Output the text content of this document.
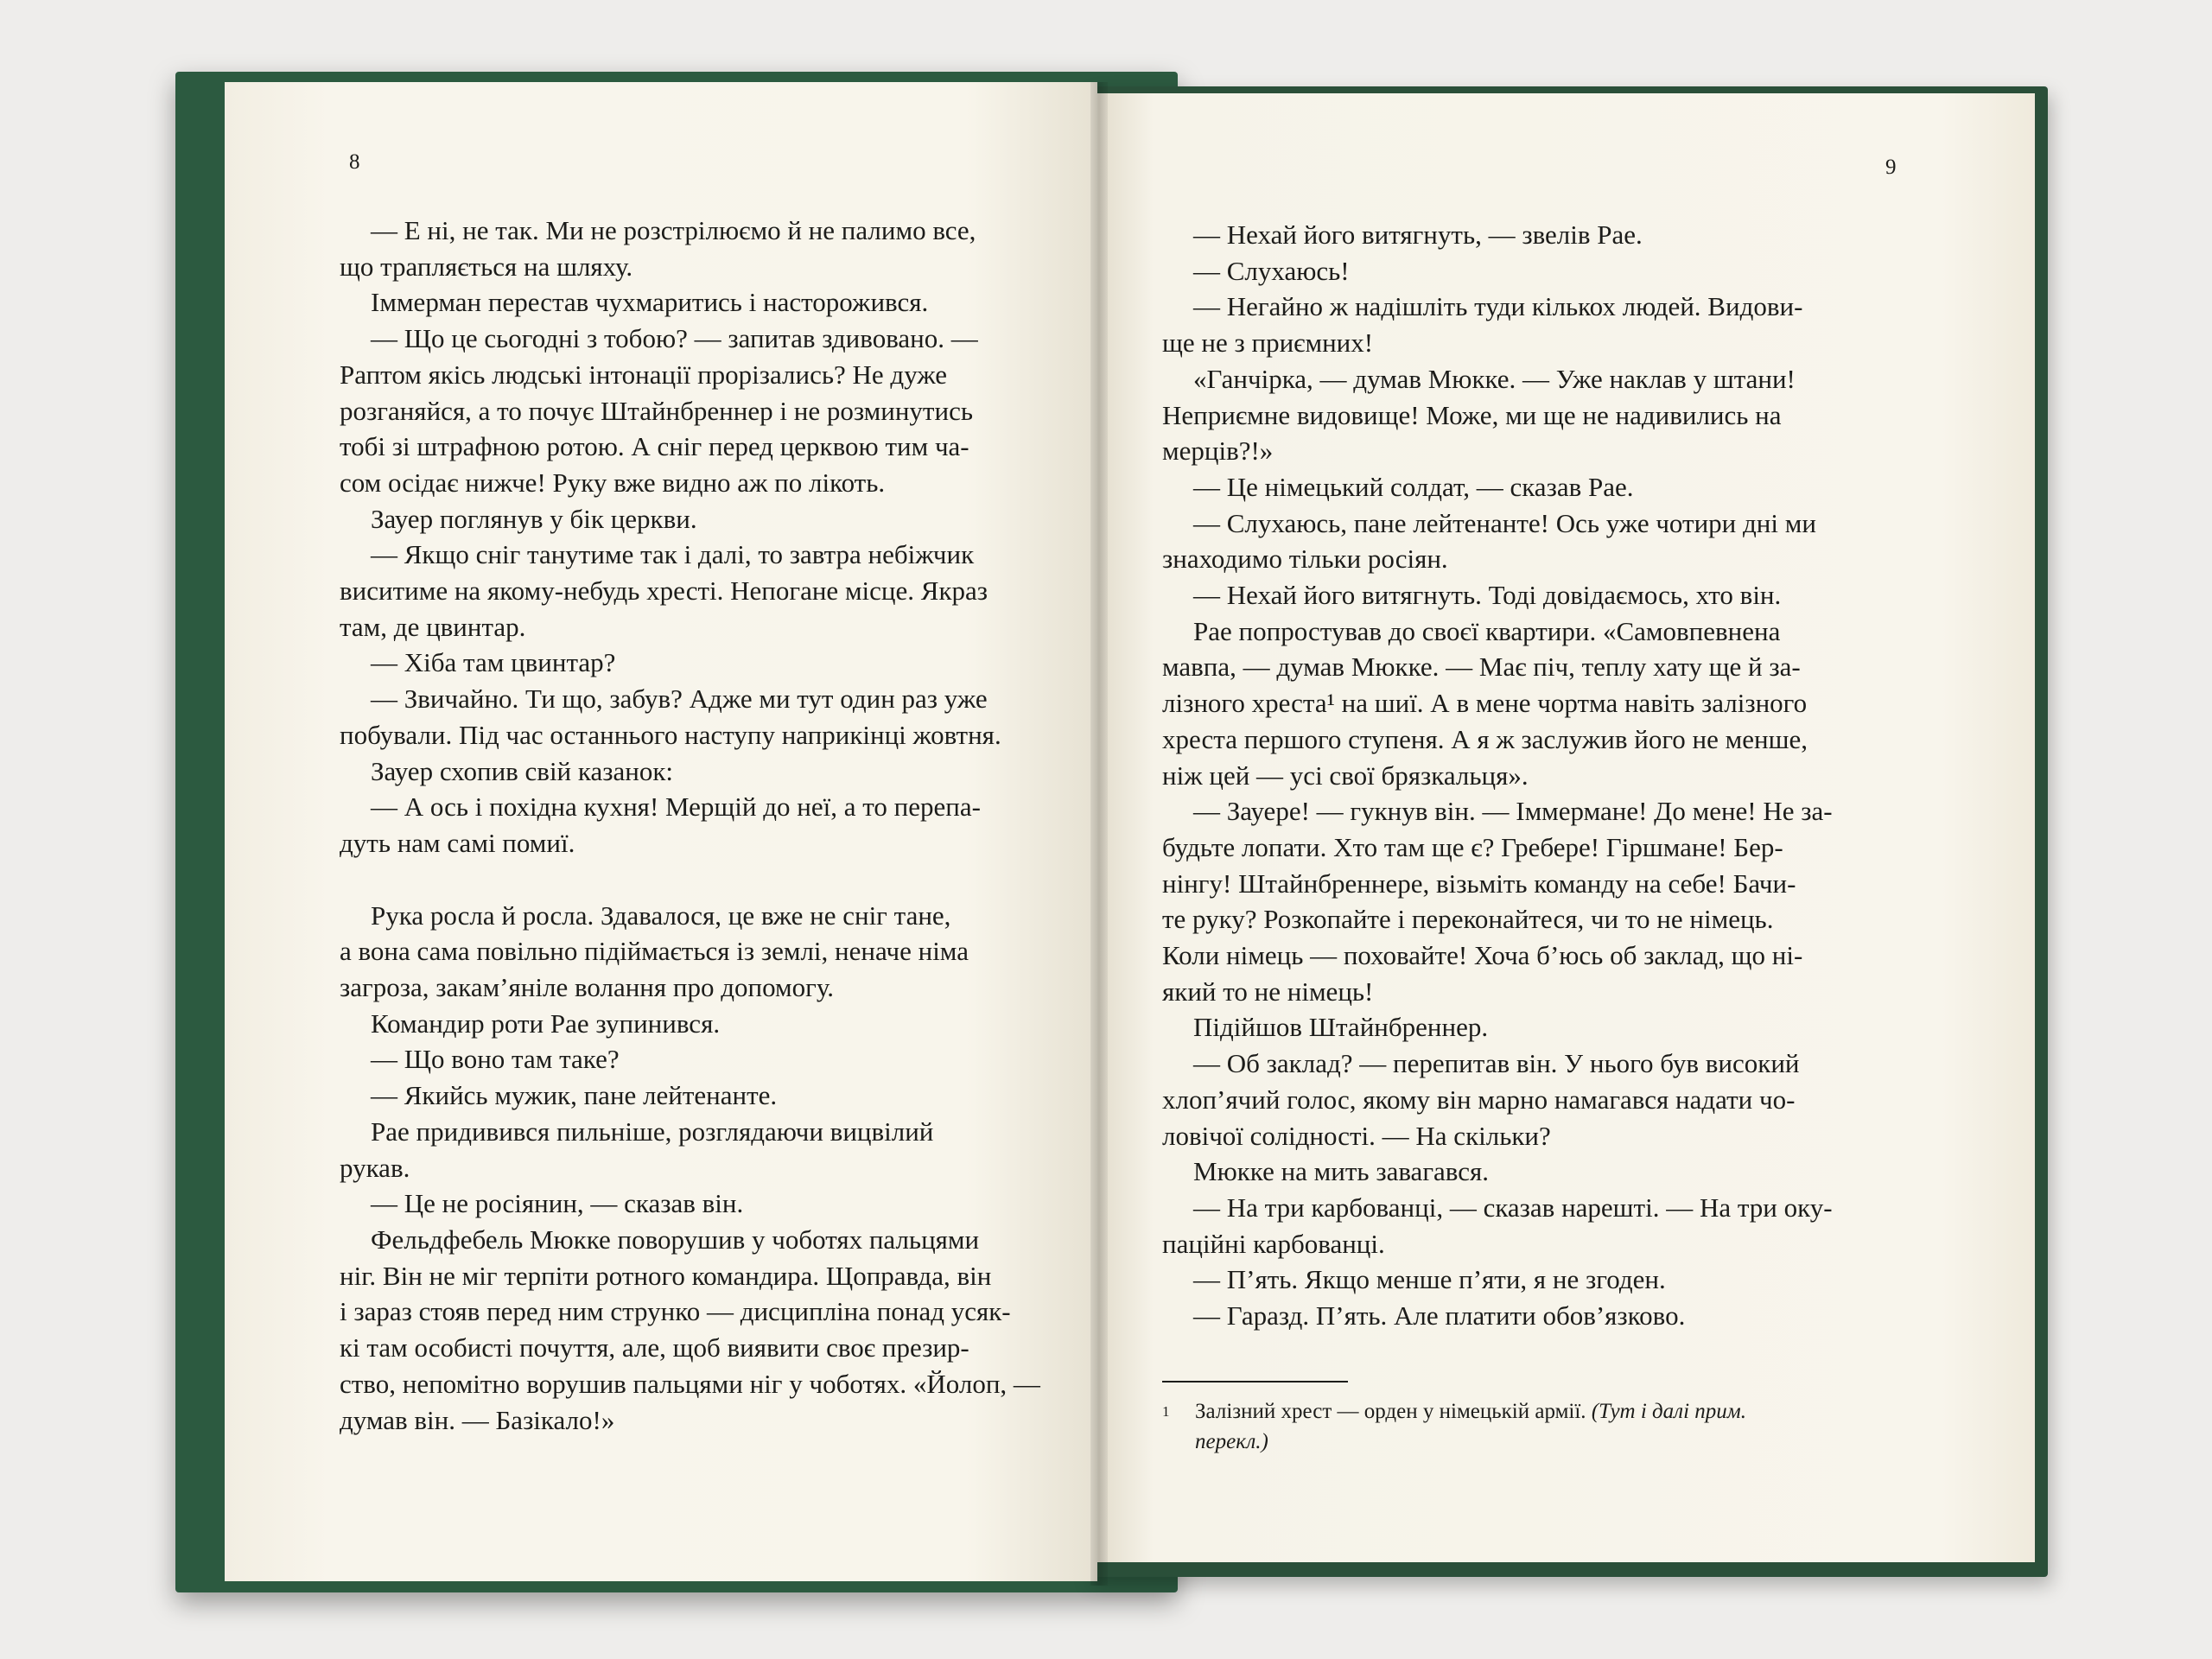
8

— Е ні, не так. Ми не розстрілюємо й не палимо все,
що трапляється на шляху.

Іммерман перестав чухмаритись і насторожився.

— Що це сьогодні з тобою? — запитав здивовано. —
Раптом якісь людські інтонації прорізались? Не дуже
розганяйся, а то почує Штайнбреннер і не розминутись
тобі зі штрафною ротою. А сніг перед церквою тим ча-
сом осідає нижче! Руку вже видно аж по лікоть.

Зауер поглянув у бік церкви.

— Якщо сніг танутиме так і далі, то завтра небіжчик
виситиме на якому-небудь хресті. Непогане місце. Якраз
там, де цвинтар.

— Хіба там цвинтар?

— Звичайно. Ти що, забув? Адже ми тут один раз уже
побували. Під час останнього наступу наприкінці жовтня.

Зауер схопив свій казанок:

— А ось і похідна кухня! Мерщій до неї, а то перепа-
дуть нам самі помиї.

Рука росла й росла. Здавалося, це вже не сніг тане,
а вона сама повільно підіймається із землі, неначе німа
загроза, закам’яніле волання про допомогу.

Командир роти Рае зупинився.

— Що воно там таке?

— Якийсь мужик, пане лейтенанте.

Рае придивився пильніше, розглядаючи вицвілий
рукав.

— Це не росіянин, — сказав він.

Фельдфебель Мюкке поворушив у чоботях пальцями
ніг. Він не міг терпіти ротного командира. Щоправда, він
і зараз стояв перед ним струнко — дисципліна понад усяк-
кі там особисті почуття, але, щоб виявити своє презир-
ство, непомітно ворушив пальцями ніг у чоботях. «Йолоп, —
думав він. — Базікало!»

9

— Нехай його витягнуть, — звелів Рае.

— Слухаюсь!

— Негайно ж надішліть туди кількох людей. Видови-
ще не з приємних!

«Ганчірка, — думав Мюкке. — Уже наклав у штани!
Неприємне видовище! Може, ми ще не надивились на
мерців?!»

— Це німецький солдат, — сказав Рае.

— Слухаюсь, пане лейтенанте! Ось уже чотири дні ми
знаходимо тільки росіян.

— Нехай його витягнуть. Тоді довідаємось, хто він.

Рае попростував до своєї квартири. «Самовпевнена
мавпа, — думав Мюкке. — Має піч, теплу хату ще й за-
лізного хреста¹ на шиї. А в мене чортма навіть залізного
хреста першого ступеня. А я ж заслужив його не менше,
ніж цей — усі свої брязкальця».

— Зауере! — гукнув він. — Іммермане! До мене! Не за-
будьте лопати. Хто там ще є? Гребере! Гіршмане! Бер-
нінгу! Штайнбреннере, візьміть команду на себе! Бачи-
те руку? Розкопайте і переконайтеся, чи то не німець.
Коли німець — поховайте! Хоча б’юсь об заклад, що ні-
який то не німець!

Підійшов Штайнбреннер.

— Об заклад? — перепитав він. У нього був високий
хлоп’ячий голос, якому він марно намагався надати чо-
ловічої солідності. — На скільки?

Мюкке на мить завагався.

— На три карбованці, — сказав нарешті. — На три оку-
паційні карбованці.

— П’ять. Якщо менше п’яти, я не згоден.

— Гаразд. П’ять. Але платити обов’язково.

1 Залізний хрест — орден у німецькій армії. (Тут і далі прим.
перекл.)
